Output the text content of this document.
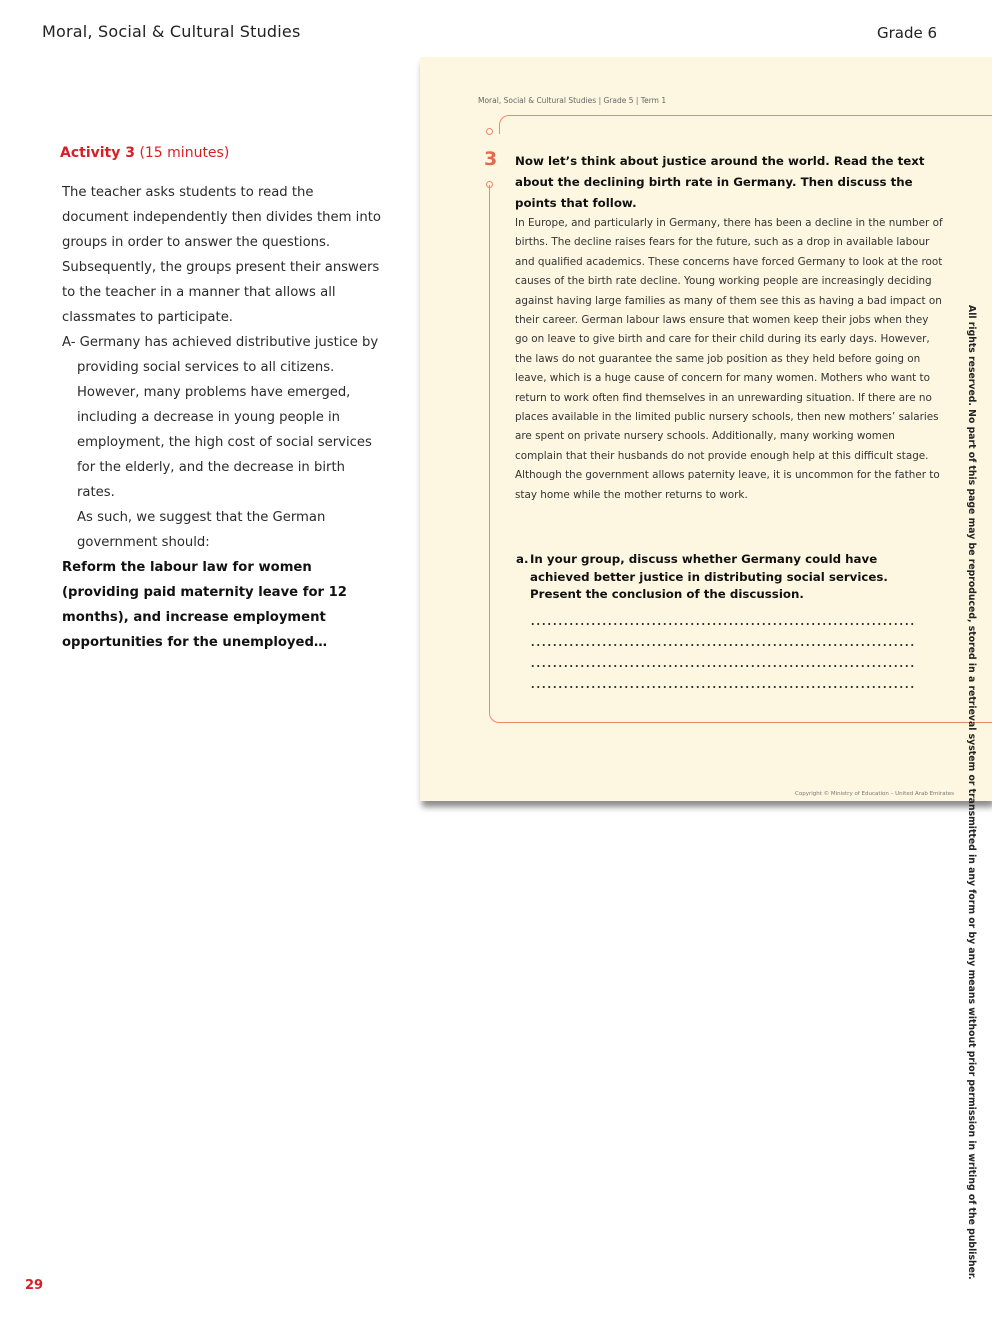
Moral, Social & Cultural Studies	Grade 6
Activity 3 (15 minutes)

The teacher asks students to read the document independently then divides them into groups in order to answer the questions. Subsequently, the groups present their answers to the teacher in a manner that allows all classmates to participate.

A- Germany has achieved distributive justice by

providing social services to all citizens.

However, many problems have emerged, including a decrease in young people in employment, the high cost of social services for the elderly, and the decrease in birth rates.

As such, we suggest that the German government should:

Reform the labour law for women (providing paid maternity leave for 12 months), and increase employment opportunities for the unemployed…

Moral, Social & Cultural Studies | Grade 5 | Term 1
3 Now let’s think about justice around the world. Read the text about the declining birth rate in Germany. Then discuss the points that follow.
In Europe, and particularly in Germany, there has been a decline in the number of births. The decline raises fears for the future, such as a drop in available labour and qualified academics. These concerns have forced Germany to look at the root causes of the birth rate decline. Young working people are increasingly deciding against having large families as many of them see this as having a bad impact on their career. German labour laws ensure that women keep their jobs when they go on leave to give birth and care for their child during its early days. However, the laws do not guarantee the same job position as they held before going on leave, which is a huge cause of concern for many women. Mothers who want to return to work often find themselves in an unrewarding situation. If there are no places available in the limited public nursery schools, then new mothers’ salaries are spent on private nursery schools. Additionally, many working women complain that their husbands do not provide enough help at this difficult stage. Although the government allows paternity leave, it is uncommon for the father to stay home while the mother returns to work.
a. In your group, discuss whether Germany could have achieved better justice in distributing social services. Present the conclusion of the discussion.
Copyright © Ministry of Education – United Arab Emirates All rights reserved. No part of this page may be reproduced, stored in a retrieval system or transmitted in any form or by any means without prior permission in writing of the publisher.
29
